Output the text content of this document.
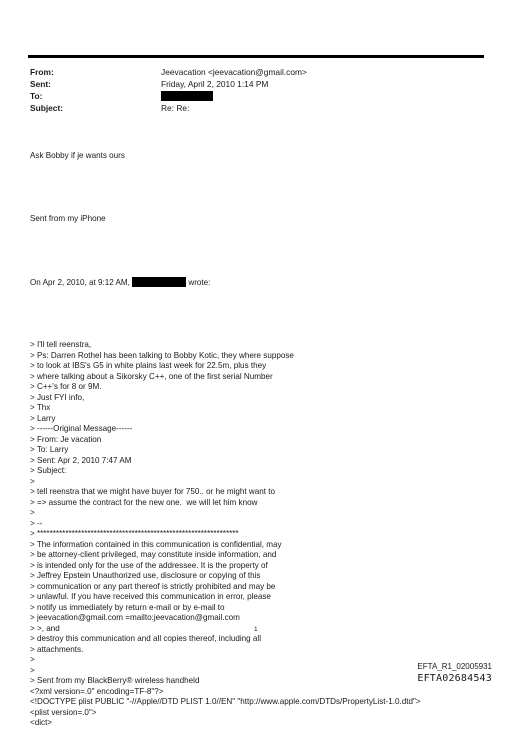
From:	Jeevacation <jeevacation@gmail.com>
Sent:	Friday, April 2, 2010 1:14 PM
To:
Subject:	Re: Re:

Ask Bobby if je wants ours

Sent from my iPhone

On Apr 2, 2010, at 9:12 AM,	wrote:

> I'll tell reenstra,
> Ps: Darren Rothel has been talking to Bobby Kotic, they where suppose
> to look at IBS's G5 in white plains last week for 22.5m, plus they
> where talking about a Sikorsky C++, one of the first serial Number
> C++'s for 8 or 9M.
> Just FYI info,
> Thx
> Larry
> ------Original Message------
> From: Je vacation
> To: Larry
> Sent: Apr 2, 2010 7:47 AM
> Subject:
>
> tell reenstra that we might have buyer for 750.. or he might want to
> => assume the contract for the new one.  we will let him know
>
> --
> ****************************************************************
> The information contained in this communication is confidential, may
> be attorney-client privileged, may constitute inside information, and
> is intended only for the use of the addressee. It is the property of
> Jeffrey Epstein Unauthorized use, disclosure or copying of this
> communication or any part thereof is strictly prohibited and may be
> unlawful. If you have received this communication in error, please
> notify us immediately by return e-mail or by e-mail to
> jeevacation@gmail.com =mailto:jeevacation@gmail.com
> >, and
> destroy this communication and all copies thereof, including all
> attachments.
>
>
> Sent from my BlackBerry® wireless handheld
<?xml version=.0" encoding=TF-8"?>
<!DOCTYPE plist PUBLIC "-//Apple//DTD PLIST 1.0//EN" "http://www.apple.com/DTDs/PropertyList-1.0.dtd">
<plist version=.0">
<dict>

1
EFTA_R1_02005931
EFTA02684543
